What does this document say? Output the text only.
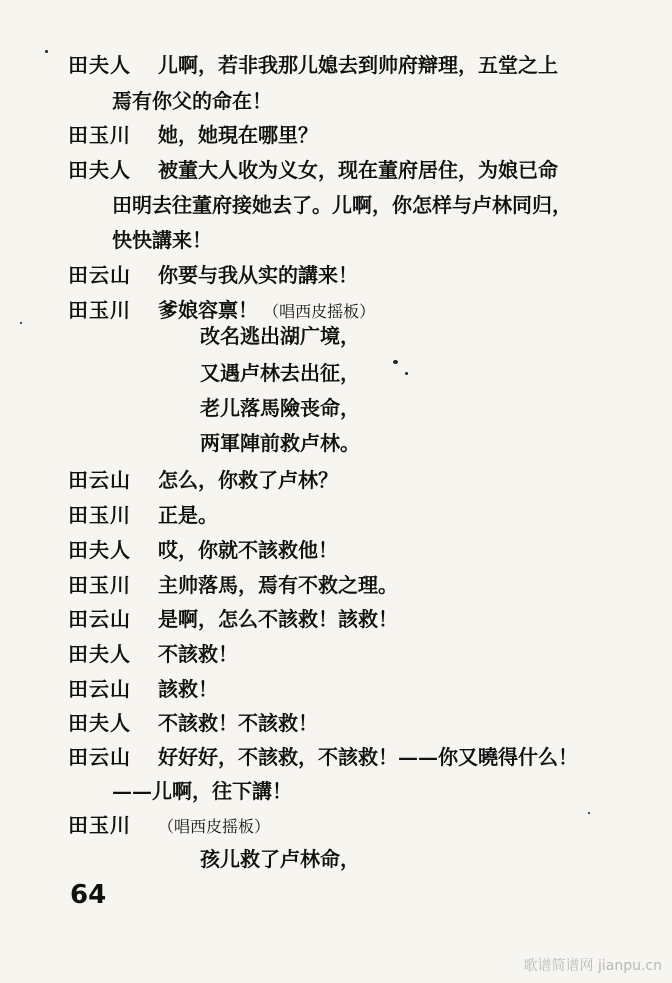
田夫人 儿啊，若非我那儿媳去到帅府辯理，五堂之上
焉有你父的命在！
田玉川 她，她現在哪里？
田夫人 被董大人收为义女，现在董府居住，为娘已命
田明去往董府接她去了。儿啊，你怎样与卢林同归，
快快講来！
田云山 你要与我从实的講来！
田玉川 爹娘容禀！ （唱西皮摇板）
改名逃出湖广境，
又遇卢林去出征，
老儿落馬險丧命，
两軍陣前救卢林。
田云山 怎么，你救了卢林？
田玉川 正是。
田夫人 哎，你就不該救他！
田玉川 主帅落馬，焉有不救之理。
田云山 是啊，怎么不該救！該救！
田夫人 不該救！
田云山 該救！
田夫人 不該救！不該救！
田云山 好好好，不該救，不該救！——你又曉得什么！
——儿啊，往下講！
田玉川 （唱西皮摇板）
孩儿救了卢林命，
64
歌谱简谱网 jianpu.cn
